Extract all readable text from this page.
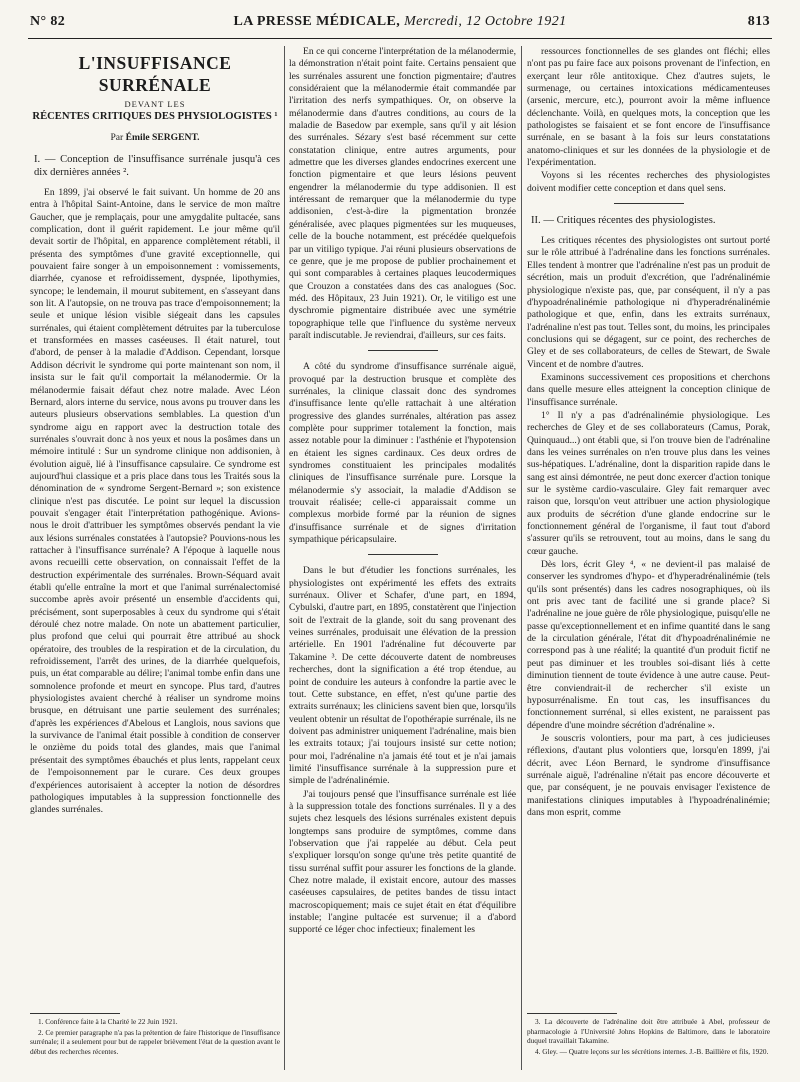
N° 82	LA PRESSE MÉDICALE, Mercredi, 12 Octobre 1921	813
L'INSUFFISANCE SURRÉNALE
DEVANT LES
RÉCENTES CRITIQUES DES PHYSIOLOGISTES ¹
Par Émile SERGENT.

I. — Conception de l'insuffisance surrénale jusqu'à ces dix dernières années ².

En 1899, j'ai observé le fait suivant. Un homme de 20 ans entra à l'hôpital Saint-Antoine, dans le service de mon maître Gaucher, que je remplaçais, pour une amygdalite pultacée, sans complication, dont il guérit rapidement. Le jour même qu'il devait sortir de l'hôpital, en apparence complètement rétabli, il présenta des symptômes d'une gravité exceptionnelle, qui pouvaient faire songer à un empoisonnement : vomissements, diarrhée, cyanose et refroidissement, dyspnée, lipothymies, syncope; le lendemain, il mourut subitement, en s'asseyant dans son lit. A l'autopsie, on ne trouva pas trace d'empoisonnement; la seule et unique lésion visible siégeait dans les capsules surrénales, qui étaient complètement détruites par la tuberculose et transformées en masses caséeuses. Il était naturel, tout d'abord, de penser à la maladie d'Addison. Cependant, lorsque Addison décrivit le syndrome qui porte maintenant son nom, il insista sur le fait qu'il comportait la mélanodermie. Or la mélanodermie faisait défaut chez notre malade. Avec Léon Bernard, alors interne du service, nous avons pu trouver dans les auteurs plusieurs observations semblables. La question d'un syndrome aigu en rapport avec la destruction totale des surrénales s'ouvrait donc à nos yeux et nous la posâmes dans un mémoire intitulé : Sur un syndrome clinique non addisonien, à évolution aiguë, lié à l'insuffisance capsulaire. Ce syndrome est aujourd'hui classique et a pris place dans tous les Traités sous la dénomination de « syndrome Sergent-Bernard »; son existence clinique n'est pas discutée. Le point sur lequel la discussion pouvait s'engager était l'interprétation pathogénique. Avions-nous le droit d'attribuer les symptômes observés pendant la vie aux lésions surrénales constatées à l'autopsie? Pouvions-nous les rattacher à l'insuffisance surrénale? A l'époque à laquelle nous avons recueilli cette observation, on connaissait l'effet de la destruction expérimentale des surrénales. Brown-Séquard avait établi qu'elle entraîne la mort et que l'animal surrénalectomisé succombe après avoir présenté un ensemble d'accidents qui, précisément, sont superposables à ceux du syndrome qui s'était déroulé chez notre malade. On note un abattement particulier, plus profond que celui qui pourrait être attribué au shock opératoire, des troubles de la respiration et de la circulation, du refroidissement, l'arrêt des urines, de la diarrhée quelquefois, puis, un état comparable au délire; l'animal tombe enfin dans une somnolence profonde et meurt en syncope. Plus tard, d'autres physiologistes avaient cherché à réaliser un syndrome moins brusque, en détruisant une partie seulement des surrénales; d'après les expériences d'Abelous et Langlois, nous savions que la survivance de l'animal était possible à condition de conserver le onzième du poids total des glandes, mais que l'animal présentait des symptômes ébauchés et plus lents, rappelant ceux de l'empoisonnement par le curare. Ces deux groupes d'expériences autorisaient à accepter la notion de désordres pathologiques imputables à la suppression fonctionnelle des glandes surrénales.

1. Conférence faite à la Charité le 22 Juin 1921.

2. Ce premier paragraphe n'a pas la prétention de faire l'historique de l'insuffisance surrénale; il a seulement pour but de rappeler brièvement l'état de la question avant le début des recherches récentes.

En ce qui concerne l'interprétation de la mélanodermie, la démonstration n'était point faite. Certains pensaient que les surrénales assurent une fonction pigmentaire; d'autres considéraient que la mélanodermie était commandée par l'irritation des nerfs sympathiques. Or, on observe la mélanodermie dans d'autres conditions, au cours de la maladie de Basedow par exemple, sans qu'il y ait lésion des surrénales. Sézary s'est basé récemment sur cette constatation clinique, entre autres arguments, pour admettre que les diverses glandes endocrines exercent une fonction pigmentaire et que leurs lésions peuvent engendrer la mélanodermie du type addisonien. Il est intéressant de remarquer que la mélanodermie du type addisonien, c'est-à-dire la pigmentation bronzée généralisée, avec plaques pigmentées sur les muqueuses, celle de la bouche notamment, est précédée quelquefois par un vitiligo typique. J'ai réuni plusieurs observations de ce genre, que je me propose de publier prochainement et qui sont comparables à certaines plaques leucodermiques que Crouzon a constatées dans des cas analogues (Soc. méd. des Hôpitaux, 23 Juin 1921). Or, le vitiligo est une dyschromie pigmentaire distribuée avec une symétrie topographique telle que l'influence du système nerveux paraît indiscutable. Je reviendrai, d'ailleurs, sur ces faits.

A côté du syndrome d'insuffisance surrénale aiguë, provoqué par la destruction brusque et complète des surrénales, la clinique classait donc des syndromes d'insuffisance lente qu'elle rattachait à une altération progressive des glandes surrénales, altération pas assez complète pour supprimer totalement la fonction, mais assez notable pour la diminuer : l'asthénie et l'hypotension en étaient les signes cardinaux. Ces deux ordres de syndromes constituaient les principales modalités cliniques de l'insuffisance surrénale pure. Lorsque la mélanodermie s'y associait, la maladie d'Addison se trouvait réalisée; celle-ci apparaissait comme un complexus morbide formé par la réunion de signes d'insuffisance surrénale et de signes d'irritation sympathique péricapsulaire.

Dans le but d'étudier les fonctions surrénales, les physiologistes ont expérimenté les effets des extraits surrénaux. Oliver et Schafer, d'une part, en 1894, Cybulski, d'autre part, en 1895, constatèrent que l'injection soit de l'extrait de la glande, soit du sang provenant des veines surrénales, produisait une élévation de la pression artérielle. En 1901 l'adrénaline fut découverte par Takamine ³. De cette découverte datent de nombreuses recherches, dont la signification a été trop étendue, au point de conduire les auteurs à confondre la partie avec le tout. Cette substance, en effet, n'est qu'une partie des extraits surrénaux; les cliniciens savent bien que, lorsqu'ils veulent obtenir un résultat de l'opothérapie surrénale, ils ne doivent pas administrer uniquement l'adrénaline, mais bien les extraits totaux; j'ai toujours insisté sur cette notion; pour moi, l'adrénaline n'a jamais été tout et je n'ai jamais limité l'insuffisance surrénale à la suppression pure et simple de l'adrénalinémie.

J'ai toujours pensé que l'insuffisance surrénale est liée à la suppression totale des fonctions surrénales. Il y a des sujets chez lesquels des lésions surrénales existent depuis longtemps sans produire de symptômes, comme dans l'observation que j'ai rappelée au début. Cela peut s'expliquer lorsqu'on songe qu'une très petite quantité de tissu surrénal suffit pour assurer les fonctions de la glande. Chez notre malade, il existait encore, autour des masses caséeuses capsulaires, de petites bandes de tissu intact macroscopiquement; mais ce sujet était en état d'équilibre instable; l'angine pultacée est survenue; il a d'abord supporté ce léger choc infectieux; finalement les

ressources fonctionnelles de ses glandes ont fléchi; elles n'ont pas pu faire face aux poisons provenant de l'infection, en exerçant leur rôle antitoxique. Chez d'autres sujets, le surmenage, ou certaines intoxications médicamenteuses (arsenic, mercure, etc.), pourront avoir la même influence déclenchante. Voilà, en quelques mots, la conception que les pathologistes se faisaient et se font encore de l'insuffisance surrénale, en se basant à la fois sur leurs constatations anatomo-cliniques et sur les données de la physiologie et de l'expérimentation.

Voyons si les récentes recherches des physiologistes doivent modifier cette conception et dans quel sens.

II. — Critiques récentes des physiologistes.

Les critiques récentes des physiologistes ont surtout porté sur le rôle attribué à l'adrénaline dans les fonctions surrénales. Elles tendent à montrer que l'adrénaline n'est pas un produit de sécrétion, mais un produit d'excrétion, que l'adrénalinémie physiologique n'existe pas, que, par conséquent, il n'y a pas d'hypoadrénalinémie pathologique ni d'hyperadrénalinémie pathologique et que, enfin, dans les extraits surrénaux, l'adrénaline n'est pas tout. Telles sont, du moins, les principales conclusions qui se dégagent, sur ce point, des recherches de Gley et de ses collaborateurs, de celles de Stewart, de Swale Vincent et de nombre d'autres.

Examinons successivement ces propositions et cherchons dans quelle mesure elles atteignent la conception clinique de l'insuffisance surrénale.

1° Il n'y a pas d'adrénalinémie physiologique. Les recherches de Gley et de ses collaborateurs (Camus, Porak, Quinquaud...) ont établi que, si l'on trouve bien de l'adrénaline dans les veines surrénales on n'en trouve plus dans les veines sus-hépatiques. L'adrénaline, dont la disparition rapide dans le sang est ainsi démontrée, ne peut donc exercer d'action tonique sur le système cardio-vasculaire. Gley fait remarquer avec raison que, lorsqu'on veut attribuer une action physiologique aux produits de sécrétion d'une glande endocrine sur le fonctionnement général de l'organisme, il faut tout d'abord s'assurer qu'ils se retrouvent, tout au moins, dans le sang du cœur gauche.

Dès lors, écrit Gley ⁴, « ne devient-il pas malaisé de conserver les syndromes d'hypo- et d'hyperadrénalinémie (tels qu'ils sont présentés) dans les cadres nosographiques, où ils ont pris avec tant de facilité une si grande place? Si l'adrénaline ne joue guère de rôle physiologique, puisqu'elle ne passe qu'exceptionnellement et en infime quantité dans le sang de la circulation générale, l'état dit d'hypoadrénalinémie ne correspond pas à une réalité; la quantité d'un produit fictif ne peut pas diminuer et les troubles soi-disant liés à cette diminution tiennent de toute évidence à une autre cause. Peut-être conviendrait-il de rechercher s'il existe un hyposurrénalisme. En tout cas, les insuffisances du fonctionnement surrénal, si elles existent, ne paraissent pas dépendre d'une moindre sécrétion d'adrénaline ».

Je souscris volontiers, pour ma part, à ces judicieuses réflexions, d'autant plus volontiers que, lorsqu'en 1899, j'ai décrit, avec Léon Bernard, le syndrome d'insuffisance surrénale aiguë, l'adrénaline n'était pas encore découverte et que, par conséquent, je ne pouvais envisager l'existence de manifestations cliniques imputables à l'hypoadrénalinémie; dans mon esprit, comme

3. La découverte de l'adrénaline doit être attribuée à Abel, professeur de pharmacologie à l'Université Johns Hopkins de Baltimore, dans le laboratoire duquel travaillait Takamine.

4. Gley. — Quatre leçons sur les sécrétions internes. J.-B. Baillière et fils, 1920.
